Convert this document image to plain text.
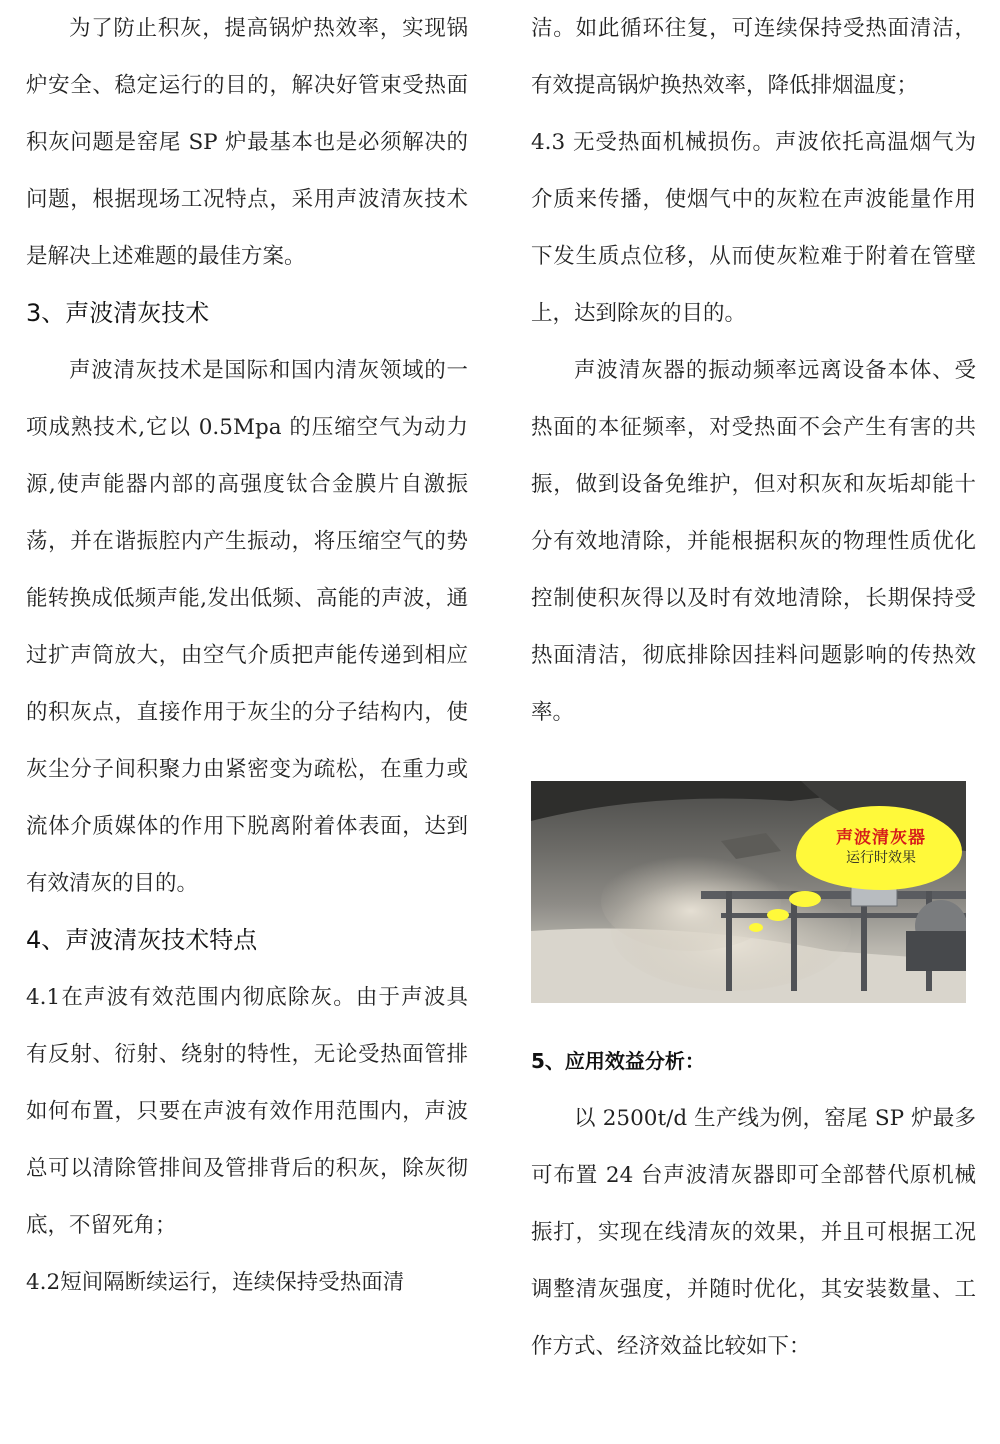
为了防止积灰，提高锅炉热效率，实现锅炉安全、稳定运行的目的，解决好管束受热面积灰问题是窑尾 SP 炉最基本也是必须解决的问题，根据现场工况特点，采用声波清灰技术是解决上述难题的最佳方案。

3、声波清灰技术

声波清灰技术是国际和国内清灰领域的一项成熟技术,它以 0.5Mpa 的压缩空气为动力源,使声能器内部的高强度钛合金膜片自激振荡，并在谐振腔内产生振动，将压缩空气的势能转换成低频声能,发出低频、高能的声波，通过扩声筒放大，由空气介质把声能传递到相应的积灰点，直接作用于灰尘的分子结构内，使灰尘分子间积聚力由紧密变为疏松，在重力或流体介质媒体的作用下脱离附着体表面，达到有效清灰的目的。

4、声波清灰技术特点

4.1在声波有效范围内彻底除灰。由于声波具有反射、衍射、绕射的特性，无论受热面管排如何布置，只要在声波有效作用范围内，声波总可以清除管排间及管排背后的积灰，除灰彻底，不留死角；

4.2短间隔断续运行，连续保持受热面清

洁。如此循环往复，可连续保持受热面清洁，有效提高锅炉换热效率，降低排烟温度；

4.3 无受热面机械损伤。声波依托高温烟气为介质来传播，使烟气中的灰粒在声波能量作用下发生质点位移，从而使灰粒难于附着在管壁上，达到除灰的目的。

声波清灰器的振动频率远离设备本体、受热面的本征频率，对受热面不会产生有害的共振，做到设备免维护，但对积灰和灰垢却能十分有效地清除，并能根据积灰的物理性质优化控制使积灰得以及时有效地清除，长期保持受热面清洁，彻底排除因挂料问题影响的传热效率。

声波清灰器
运行时效果
5、应用效益分析：

以 2500t/d 生产线为例，窑尾 SP 炉最多可布置 24 台声波清灰器即可全部替代原机械振打，实现在线清灰的效果，并且可根据工况调整清灰强度，并随时优化，其安装数量、工作方式、经济效益比较如下：
